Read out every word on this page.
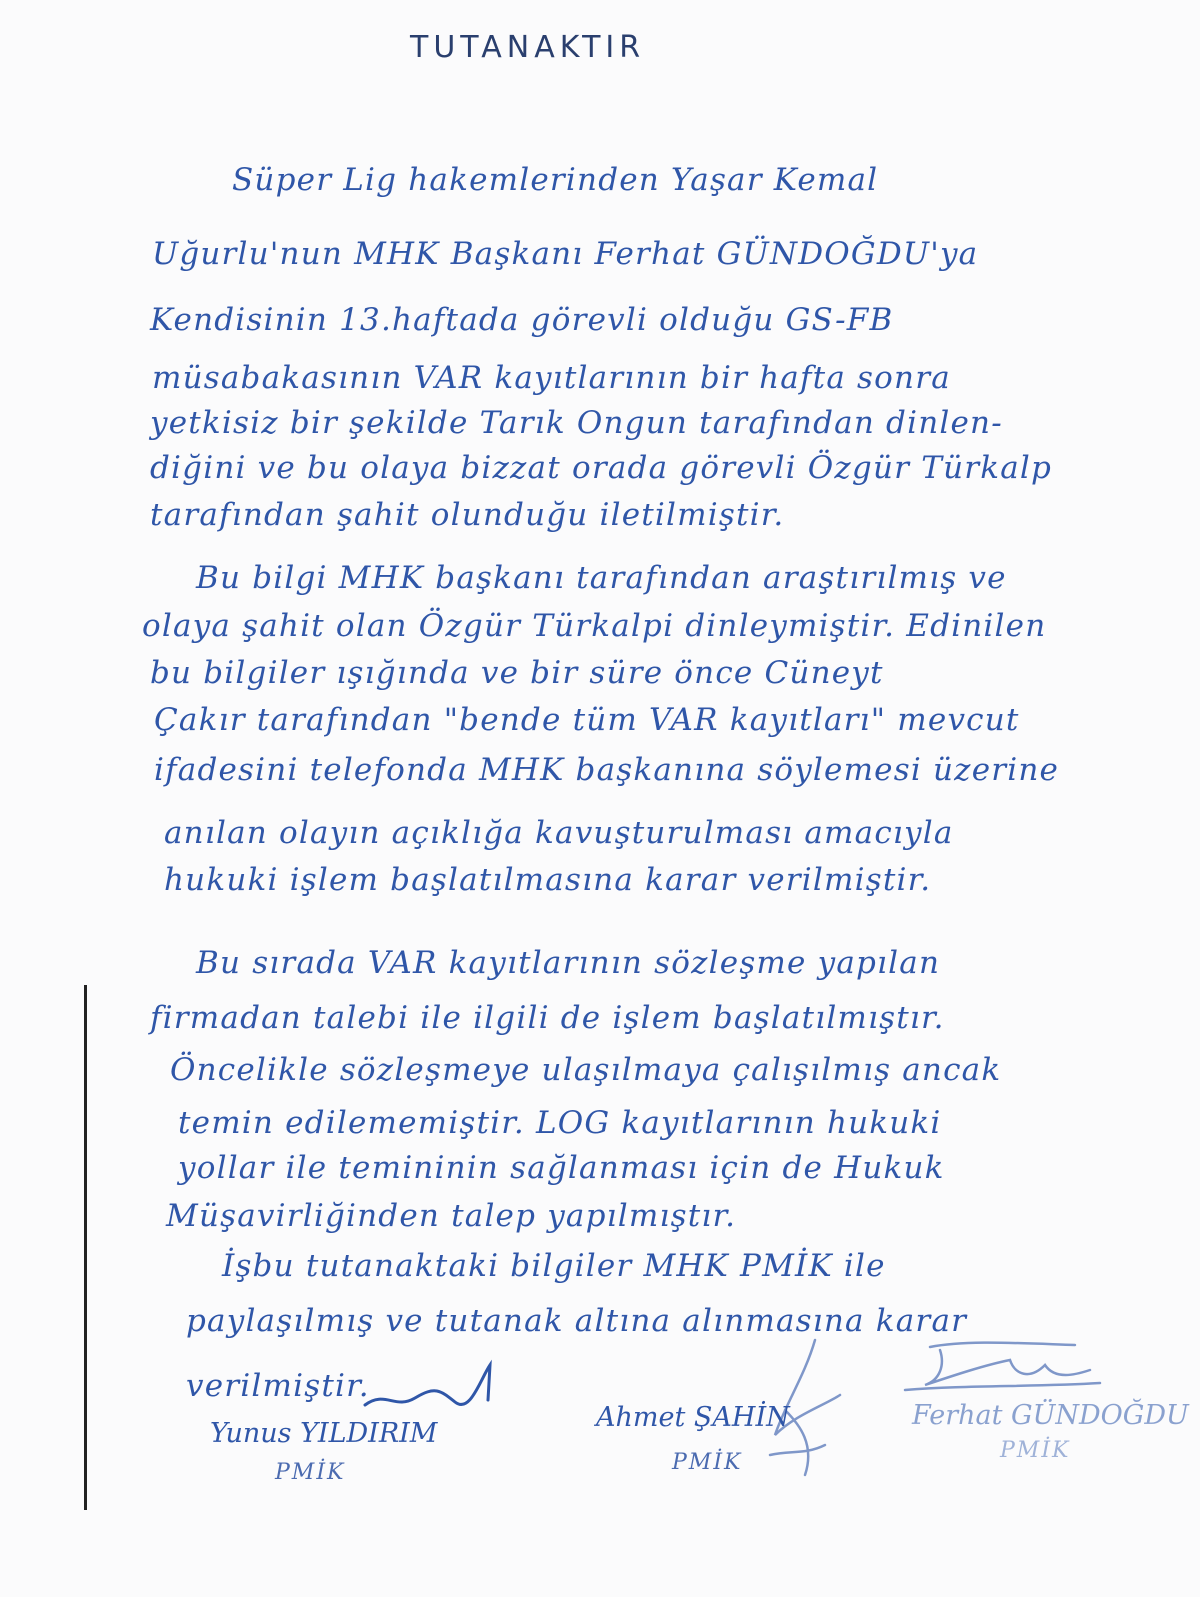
TUTANAKTIR
Süper Lig hakemlerinden Yaşar Kemal
Uğurlu'nun MHK Başkanı Ferhat GÜNDOĞDU'ya
Kendisinin 13.haftada görevli olduğu GS-FB
müsabakasının VAR kayıtlarının bir hafta sonra
yetkisiz bir şekilde Tarık Ongun tarafından dinlen-
diğini ve bu olaya bizzat orada görevli Özgür Türkalp
tarafından şahit olunduğu iletilmiştir.
Bu bilgi MHK başkanı tarafından araştırılmış ve
olaya şahit olan Özgür Türkalpi dinleymiştir. Edinilen
bu bilgiler ışığında ve bir süre önce Cüneyt
Çakır tarafından "bende tüm VAR kayıtları" mevcut
ifadesini telefonda MHK başkanına söylemesi üzerine
anılan olayın açıklığa kavuşturulması amacıyla
hukuki işlem başlatılmasına karar verilmiştir.
Bu sırada VAR kayıtlarının sözleşme yapılan
firmadan talebi ile ilgili de işlem başlatılmıştır.
Öncelikle sözleşmeye ulaşılmaya çalışılmış ancak
temin edilememiştir. LOG kayıtlarının hukuki
yollar ile temininin sağlanması için de Hukuk
Müşavirliğinden talep yapılmıştır.
İşbu tutanaktaki bilgiler MHK PMİK ile
paylaşılmış ve tutanak altına alınmasına karar
verilmiştir.
Yunus YILDIRIM
PMİK
Ahmet ŞAHİN
PMİK
Ferhat GÜNDOĞDU
PMİK
